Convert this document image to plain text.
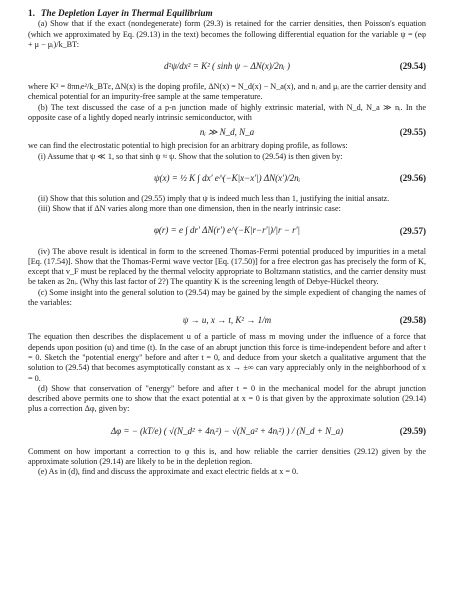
1. The Depletion Layer in Thermal Equilibrium

(a) Show that if the exact (nondegenerate) form (29.3) is retained for the carrier densities, then Poisson's equation (which we approximated by Eq. (29.13) in the text) becomes the following differential equation for the variable ψ = (eφ + μ − μᵢ)/k_BT:

d²ψ/dx² = K² ( sinh ψ − ΔN(x)/2nᵢ )	(29.54)

where K² = 8πnᵢe²/k_BTε, ΔN(x) is the doping profile, ΔN(x) = N_d(x) − N_a(x), and nᵢ and μᵢ are the carrier density and chemical potential for an impurity-free sample at the same temperature.

(b) The text discussed the case of a p-n junction made of highly extrinsic material, with N_d, N_a ≫ nᵢ. In the opposite case of a lightly doped nearly intrinsic semiconductor, with

nᵢ ≫ N_d, N_a	(29.55)

we can find the electrostatic potential to high precision for an arbitrary doping profile, as follows:

(i) Assume that ψ ≪ 1, so that sinh ψ ≈ ψ. Show that the solution to (29.54) is then given by:

ψ(x) = ½ K ∫ dx′ e^(−K|x−x′|) ΔN(x′)/2nᵢ	(29.56)

(ii) Show that this solution and (29.55) imply that ψ is indeed much less than 1, justifying the initial ansatz.

(iii) Show that if ΔN varies along more than one dimension, then in the nearly intrinsic case:

φ(r) = e ∫ dr′ ΔN(r′) e^(−K|r−r′|)/|r − r′|	(29.57)

(iv) The above result is identical in form to the screened Thomas-Fermi potential produced by impurities in a metal [Eq. (17.54)]. Show that the Thomas-Fermi wave vector [Eq. (17.50)] for a free electron gas has precisely the form of K, except that v_F must be replaced by the thermal velocity appropriate to Boltzmann statistics, and the carrier density must be taken as 2nᵢ. (Why this last factor of 2?) The quantity K is the screening length of Debye-Hückel theory.

(c) Some insight into the general solution to (29.54) may be gained by the simple expedient of changing the names of the variables:

ψ → u, x → t, K² → 1/m	(29.58)

The equation then describes the displacement u of a particle of mass m moving under the influence of a force that depends upon position (u) and time (t). In the case of an abrupt junction this force is time-independent before and after t = 0. Sketch the "potential energy" before and after t = 0, and deduce from your sketch a qualitative argument that the solution to (29.54) that becomes asymptotically constant as x → ±∞ can vary appreciably only in the neighborhood of x = 0.

(d) Show that conservation of "energy" before and after t = 0 in the mechanical model for the abrupt junction described above permits one to show that the exact potential at x = 0 is that given by the approximate solution (29.14) plus a correction Δφ, given by:

Δφ = − (kT/e) ( √(N_d² + 4nᵢ²) − √(N_a² + 4nᵢ²) ) / (N_d + N_a)	(29.59)

Comment on how important a correction to φ this is, and how reliable the carrier densities (29.12) given by the approximate solution (29.14) are likely to be in the depletion region.

(e) As in (d), find and discuss the approximate and exact electric fields at x = 0.
